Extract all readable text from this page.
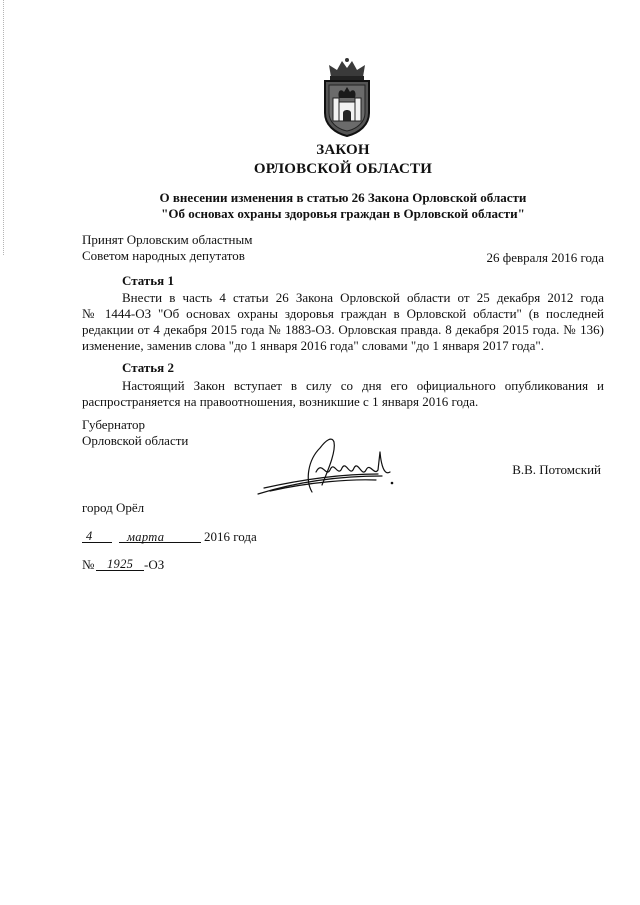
ЗАКОН
ОРЛОВСКОЙ ОБЛАСТИ
О внесении изменения в статью 26 Закона Орловской области
"Об основах охраны здоровья граждан в Орловской области"
Принят Орловским областным
Советом народных депутатов	26 февраля 2016 года
Статья 1
Внести в часть 4 статьи 26 Закона Орловской области от 25 декабря 2012 года
№ 1444-ОЗ "Об основах охраны здоровья граждан в Орловской области" (в последней
редакции от 4 декабря 2015 года № 1883-ОЗ. Орловская правда. 8 декабря 2015 года. № 136)
изменение, заменив слова "до 1 января 2016 года" словами "до 1 января 2017 года".
Статья 2
Настоящий Закон вступает в силу со дня его официального опубликования и
распространяется на правоотношения, возникшие с 1 января 2016 года.
Губернатор
Орловской области
В.В. Потомский
город Орёл
4	марта	2016 года
№ 1925 -ОЗ
